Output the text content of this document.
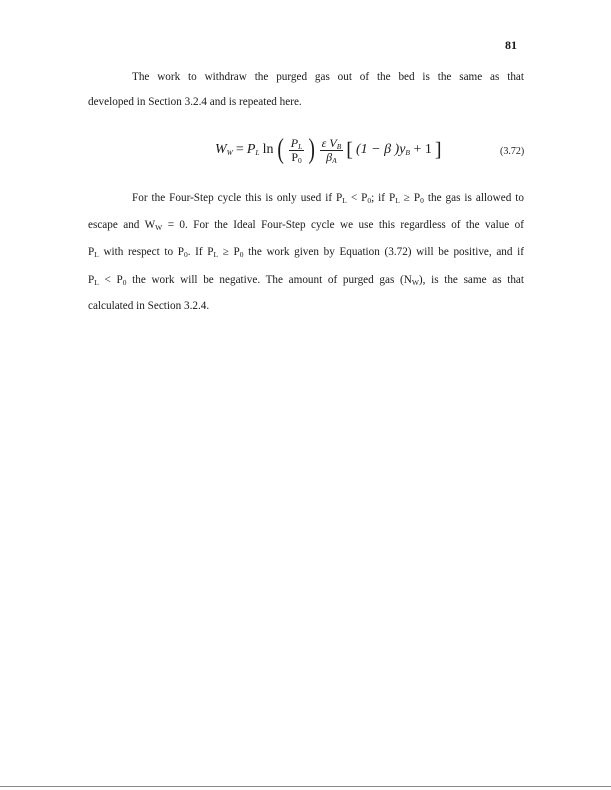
81
The work to withdraw the purged gas out of the bed is the same as that
developed in Section 3.2.4 and is repeated here.
$W_W = P_L$ ln ( $\frac{P_L}{P_0}$ ) $\frac{\varepsilon V_B}{\beta_A}$ [ (1 − β )$y_B + 1$ ]	(3.72)
For the Four-Step cycle this is only used if $P_L < P_0$; if $P_L \ge P_0$ the gas is allowed to
escape and $W_W = 0$. For the Ideal Four-Step cycle we use this regardless of the value of
$P_L$ with respect to $P_0$. If $P_L \ge P_0$ the work given by Equation (3.72) will be positive, and if
$P_L < P_0$ the work will be negative. The amount of purged gas $(N_W)$, is the same as that
calculated in Section 3.2.4.
